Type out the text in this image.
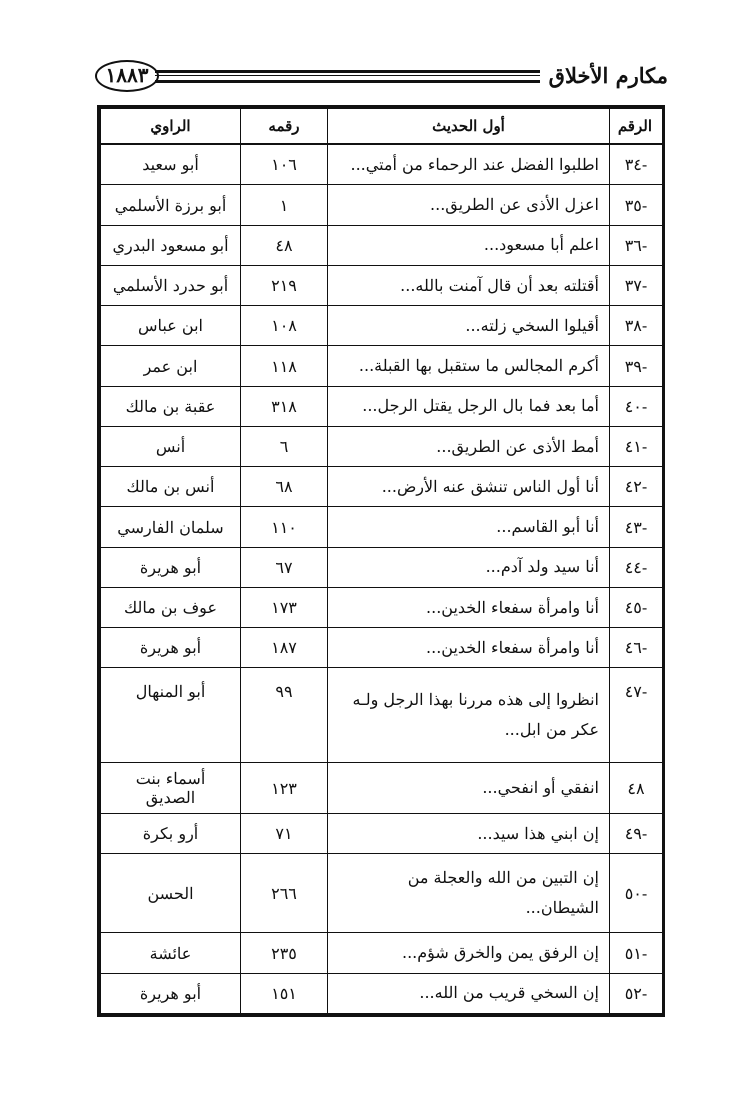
١٨٨٣	مكارم الأخلاق
الرقم	أول الحديث	رقمه	الراوي
-٣٤	اطلبوا الفضل عند الرحماء من أمتي...	١٠٦	أبو سعيد
-٣٥	اعزل الأذى عن الطريق...	١	أبو برزة الأسلمي
-٣٦	اعلم أبا مسعود...	٤٨	أبو مسعود البدري
-٣٧	أقتلته بعد أن قال آمنت بالله...	٢١٩	أبو حدرد الأسلمي
-٣٨	أقيلوا السخي زلته...	١٠٨	ابن عباس
-٣٩	أكرم المجالس ما ستقبل بها القبلة...	١١٨	ابن عمر
-٤٠	أما بعد فما بال الرجل يقتل الرجل...	٣١٨	عقبة بن مالك
-٤١	أمط الأذى عن الطريق...	٦	أنس
-٤٢	أنا أول الناس تنشق عنه الأرض...	٦٨	أنس بن مالك
-٤٣	أنا أبو القاسم...	١١٠	سلمان الفارسي
-٤٤	أنا سيد ولد آدم...	٦٧	أبو هريرة
-٤٥	أنا وامرأة سفعاء الخدين...	١٧٣	عوف بن مالك
-٤٦	أنا وامرأة سفعاء الخدين...	١٨٧	أبو هريرة
-٤٧	انظروا إلى هذه مررنا بهذا الرجل ولـه عكر من ابل...	٩٩	أبو المنهال
٤٨	انفقي أو انفحي...	١٢٣	أسماء بنت الصديق
-٤٩	إن ابني هذا سيد...	٧١	أرو بكرة
-٥٠	إن التبين من الله والعجلة من الشيطان...	٢٦٦	الحسن
-٥١	إن الرفق يمن والخرق شؤم...	٢٣٥	عائشة
-٥٢	إن السخي قريب من الله...	١٥١	أبو هريرة
